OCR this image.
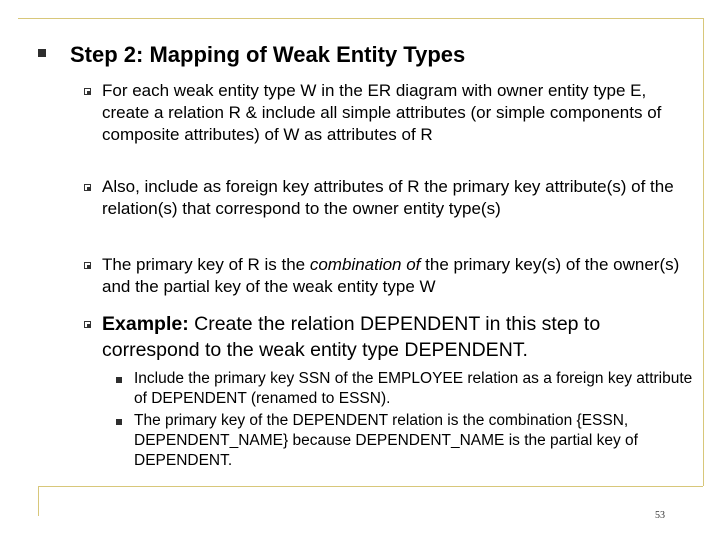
Step 2: Mapping of Weak Entity Types
For each weak entity type W in the ER diagram with owner entity type E, create a relation R & include all simple attributes (or simple components of composite attributes) of W as attributes of R
Also, include as foreign key attributes of R the primary key attribute(s) of the relation(s) that correspond to the owner entity type(s)
The primary key of R is the combination of the primary key(s) of the owner(s) and the partial key of the weak entity type W
Example: Create the relation DEPENDENT in this step to correspond to the weak entity type DEPENDENT.
Include the primary key SSN of the EMPLOYEE relation as a foreign key attribute of DEPENDENT (renamed to ESSN).
The primary key of the DEPENDENT relation is the combination {ESSN, DEPENDENT_NAME} because DEPENDENT_NAME is the partial key of DEPENDENT.
53
